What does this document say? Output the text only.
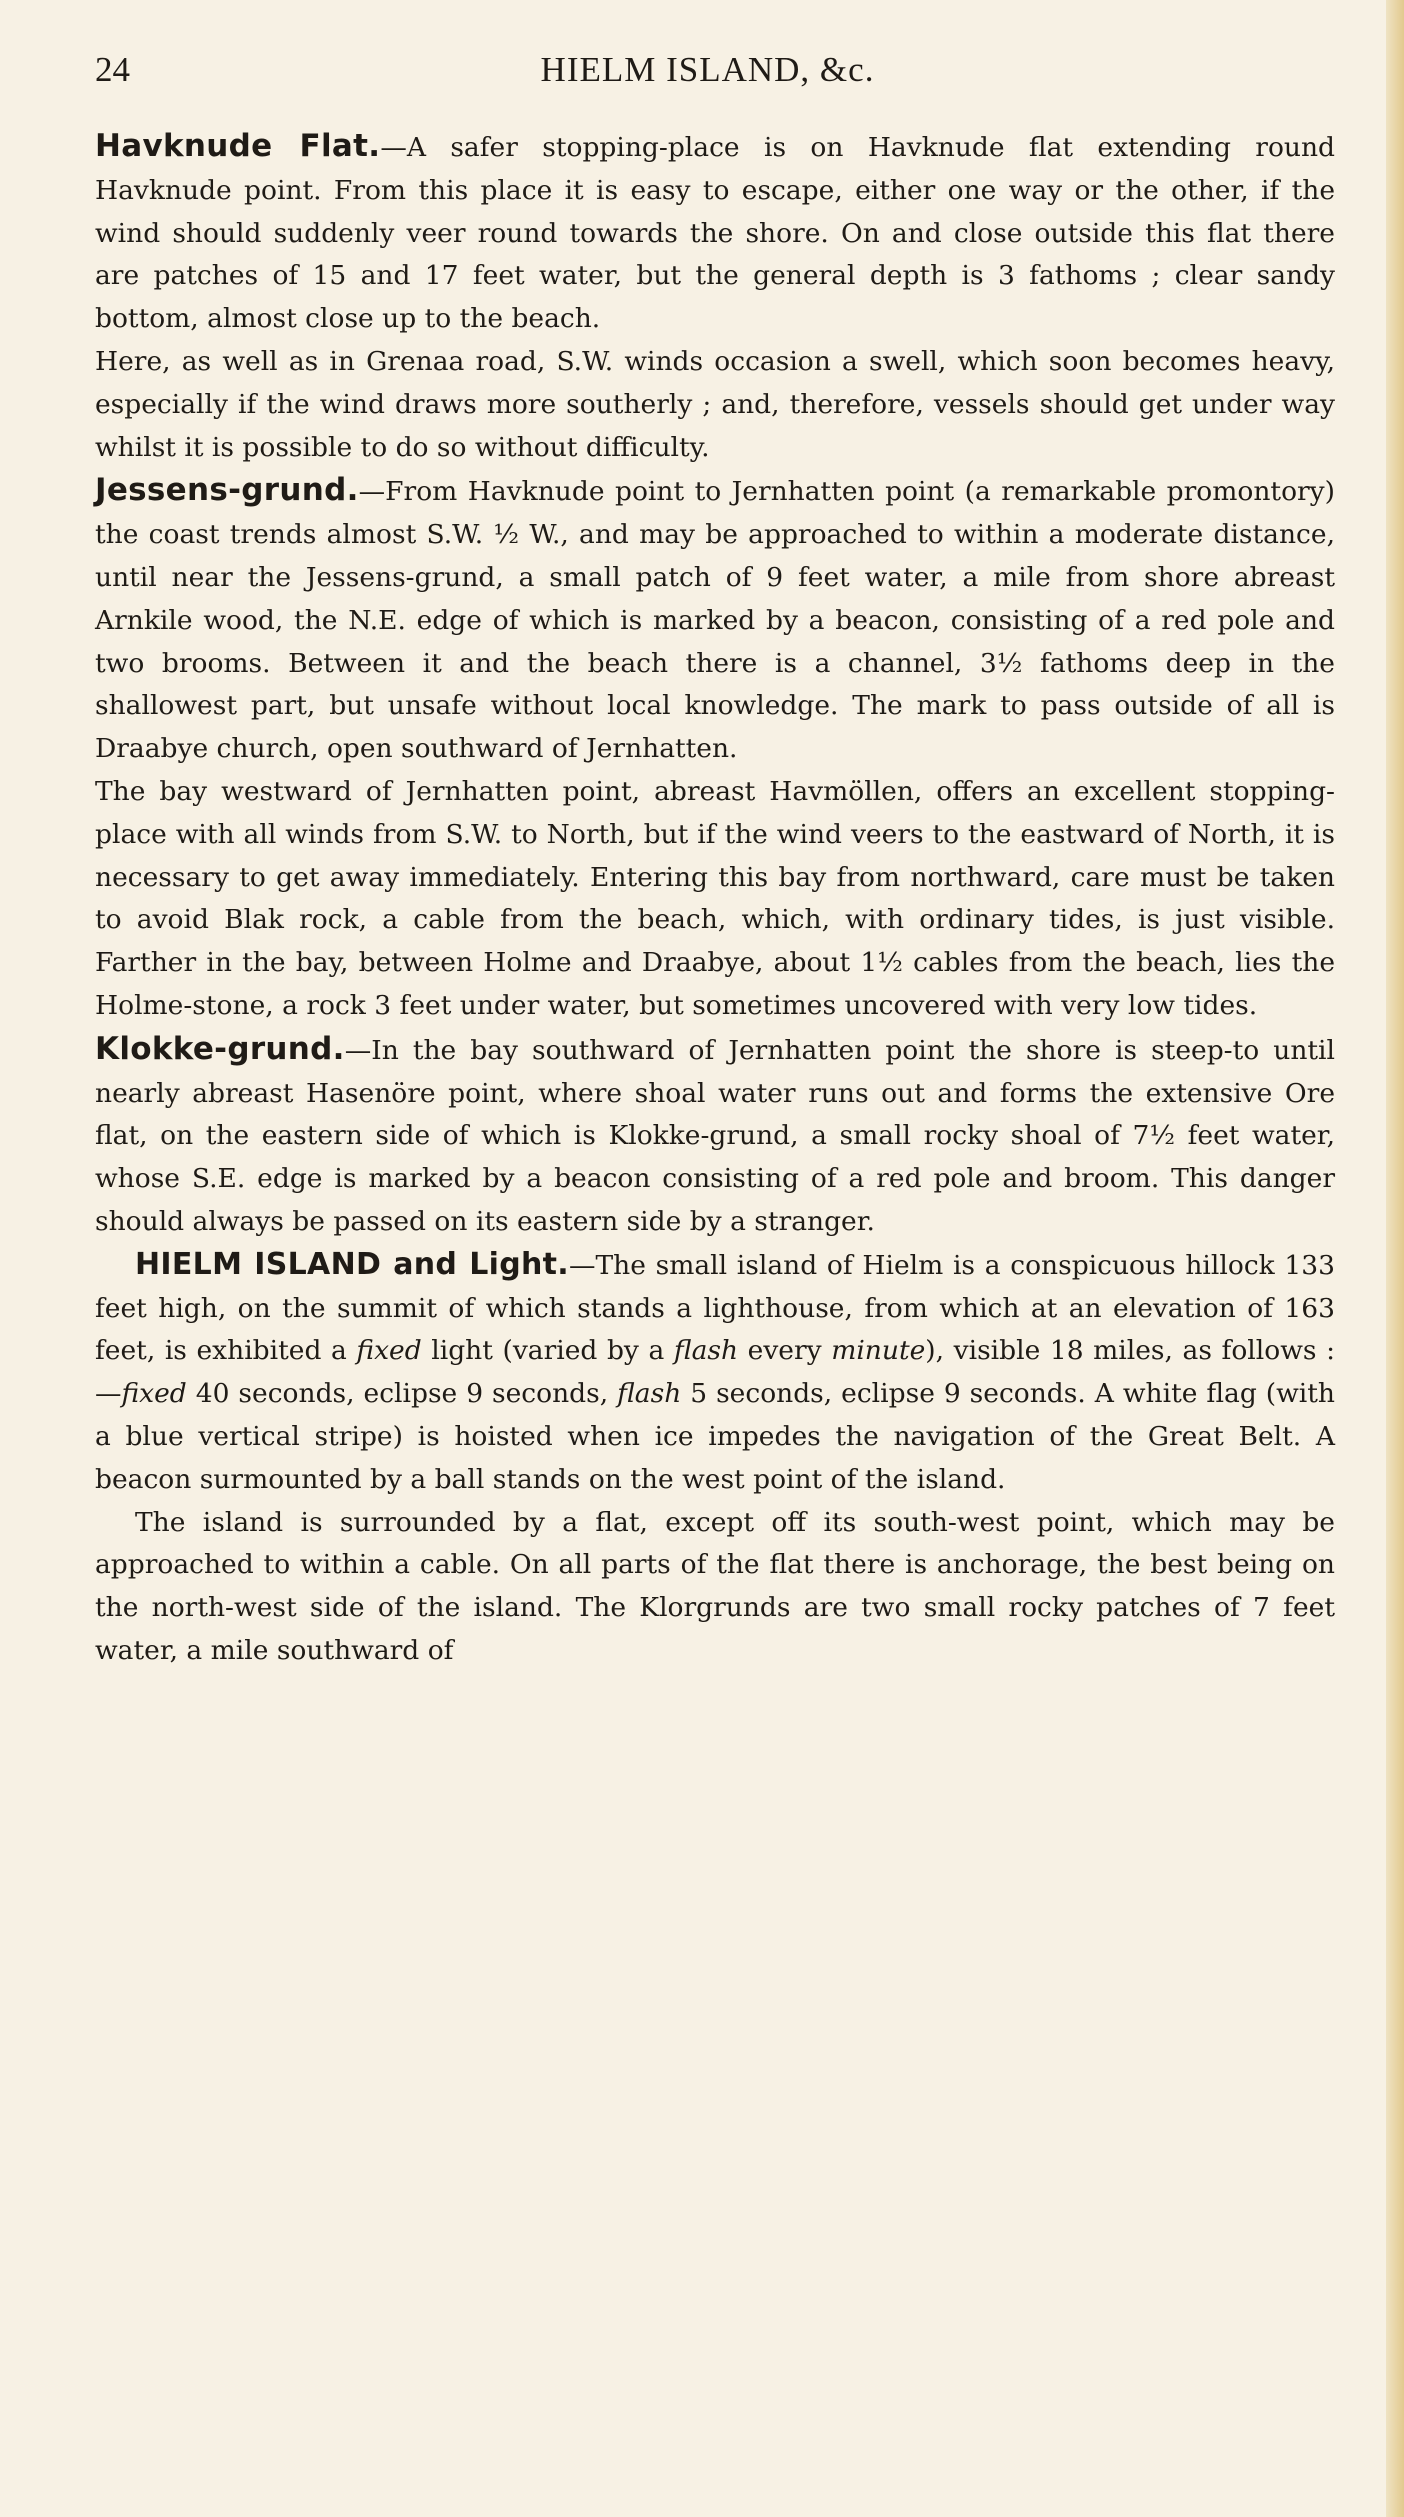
24	HIELM ISLAND, &c.

Havknude Flat.—A safer stopping-place is on Havknude flat extending round Havknude point. From this place it is easy to escape, either one way or the other, if the wind should suddenly veer round towards the shore. On and close outside this flat there are patches of 15 and 17 feet water, but the general depth is 3 fathoms ; clear sandy bottom, almost close up to the beach.

Here, as well as in Grenaa road, S.W. winds occasion a swell, which soon becomes heavy, especially if the wind draws more southerly ; and, therefore, vessels should get under way whilst it is possible to do so without difficulty.

Jessens-grund.—From Havknude point to Jernhatten point (a remarkable promontory) the coast trends almost S.W. ½ W., and may be approached to within a moderate distance, until near the Jessens-grund, a small patch of 9 feet water, a mile from shore abreast Arnkile wood, the N.E. edge of which is marked by a beacon, consisting of a red pole and two brooms. Between it and the beach there is a channel, 3½ fathoms deep in the shallowest part, but unsafe without local knowledge. The mark to pass outside of all is Draabye church, open southward of Jernhatten.

The bay westward of Jernhatten point, abreast Havmöllen, offers an excellent stopping-place with all winds from S.W. to North, but if the wind veers to the eastward of North, it is necessary to get away immediately. Entering this bay from northward, care must be taken to avoid Blak rock, a cable from the beach, which, with ordinary tides, is just visible. Farther in the bay, between Holme and Draabye, about 1½ cables from the beach, lies the Holme-stone, a rock 3 feet under water, but sometimes uncovered with very low tides.

Klokke-grund.—In the bay southward of Jernhatten point the shore is steep-to until nearly abreast Hasenöre point, where shoal water runs out and forms the extensive Ore flat, on the eastern side of which is Klokke-grund, a small rocky shoal of 7½ feet water, whose S.E. edge is marked by a beacon consisting of a red pole and broom. This danger should always be passed on its eastern side by a stranger.

HIELM ISLAND and Light.—The small island of Hielm is a conspicuous hillock 133 feet high, on the summit of which stands a lighthouse, from which at an elevation of 163 feet, is exhibited a fixed light (varied by a flash every minute), visible 18 miles, as follows :—fixed 40 seconds, eclipse 9 seconds, flash 5 seconds, eclipse 9 seconds. A white flag (with a blue vertical stripe) is hoisted when ice impedes the navigation of the Great Belt. A beacon surmounted by a ball stands on the west point of the island.

The island is surrounded by a flat, except off its south-west point, which may be approached to within a cable. On all parts of the flat there is anchorage, the best being on the north-west side of the island. The Klorgrunds are two small rocky patches of 7 feet water, a mile southward of
